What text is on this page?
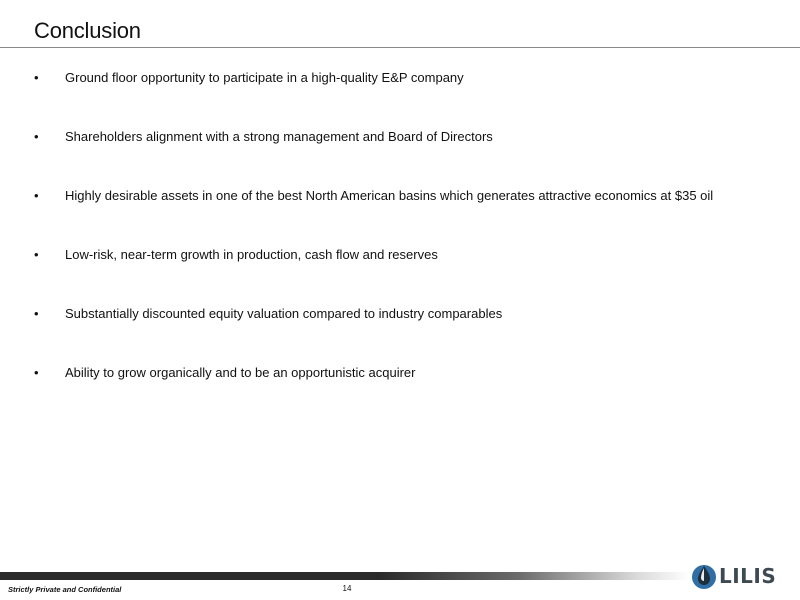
Conclusion
•	Ground floor opportunity to participate in a high-quality E&P company
•	Shareholders alignment with a strong management and Board of Directors
•	Highly desirable assets in one of the best North American basins which generates attractive economics at $35 oil
•	Low-risk, near-term growth in production, cash flow and reserves
•	Substantially discounted equity valuation compared to industry comparables
•	Ability to grow organically and to be an opportunistic acquirer
Strictly Private and Confidential	14
LILIS
